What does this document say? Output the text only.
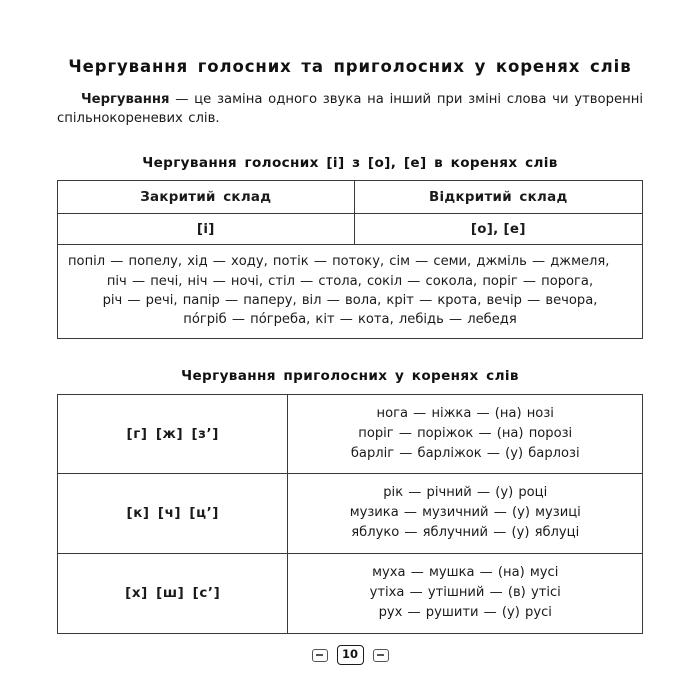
Чергування голосних та приголосних у коренях слів

Чергування — це заміна одного звука на інший при зміні слова чи утворенні спільнокореневих слів.

Чергування голосних [і] з [о], [е] в коренях слів
Закритий склад	Відкритий склад
[і]	[о], [е]

попіл — попелу, хід — ходу, потік — потоку, сім — семи, джміль — джмеля,
піч — печі, ніч — ночі, стіл — стола, сокіл — сокола, поріг — порога,
річ — речі, папір — паперу, віл — вола, кріт — крота, вечір — вечора,
пóгріб — пóгреба, кіт — кота, лебідь — лебедя	
Чергування приголосних у коренях слів
[г] [ж] [з’]	нога — ніжка — (на) нозі
поріг — поріжок — (на) порозі
барліг — барліжок — (у) барлозі

[к] [ч] [ц’]	рік — річний — (у) році
музика — музичний — (у) музиці
яблуко — яблучний — (у) яблуці

[х] [ш] [с’]	муха — мушка — (на) мусі
утіха — утішний — (в) утісі
рух — рушити — (у) русі
10
